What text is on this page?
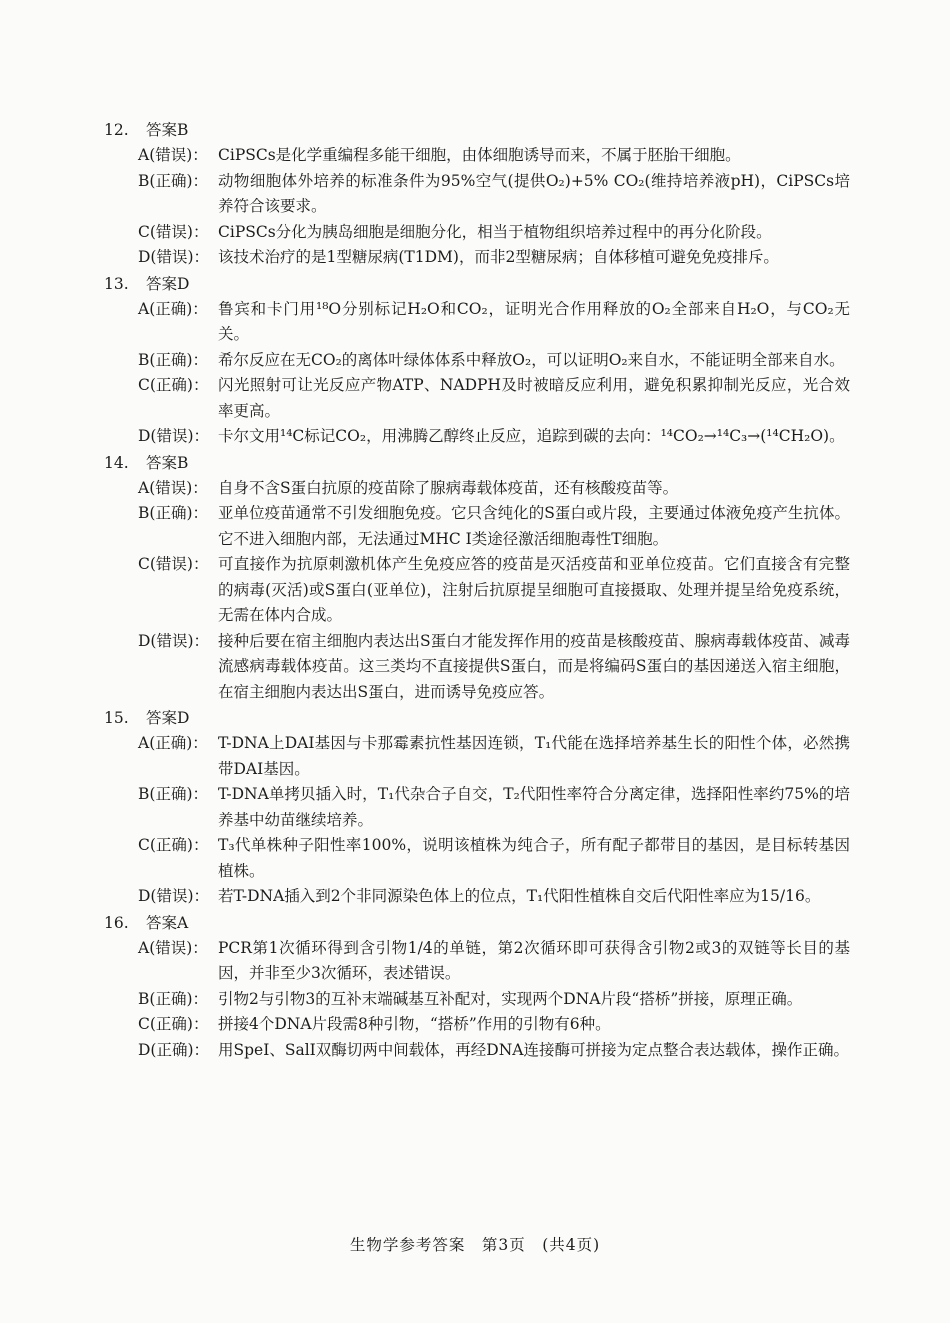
12. 答案B
A(错误)： CiPSCs是化学重编程多能干细胞，由体细胞诱导而来，不属于胚胎干细胞。
B(正确)： 动物细胞体外培养的标准条件为95%空气(提供O₂)+5% CO₂(维持培养液pH)，CiPSCs培养符合该要求。
C(错误)： CiPSCs分化为胰岛细胞是细胞分化，相当于植物组织培养过程中的再分化阶段。
D(错误)： 该技术治疗的是1型糖尿病(T1DM)，而非2型糖尿病；自体移植可避免免疫排斥。
13. 答案D
A(正确)： 鲁宾和卡门用¹⁸O分别标记H₂O和CO₂，证明光合作用释放的O₂全部来自H₂O，与CO₂无关。
B(正确)： 希尔反应在无CO₂的离体叶绿体体系中释放O₂，可以证明O₂来自水，不能证明全部来自水。
C(正确)： 闪光照射可让光反应产物ATP、NADPH及时被暗反应利用，避免积累抑制光反应，光合效率更高。
D(错误)： 卡尔文用¹⁴C标记CO₂，用沸腾乙醇终止反应，追踪到碳的去向：¹⁴CO₂→¹⁴C₃→(¹⁴CH₂O)。
14. 答案B
A(错误)： 自身不含S蛋白抗原的疫苗除了腺病毒载体疫苗，还有核酸疫苗等。
B(正确)： 亚单位疫苗通常不引发细胞免疫。它只含纯化的S蛋白或片段，主要通过体液免疫产生抗体。它不进入细胞内部，无法通过MHC I类途径激活细胞毒性T细胞。
C(错误)： 可直接作为抗原刺激机体产生免疫应答的疫苗是灭活疫苗和亚单位疫苗。它们直接含有完整的病毒(灭活)或S蛋白(亚单位)，注射后抗原提呈细胞可直接摄取、处理并提呈给免疫系统，无需在体内合成。
D(错误)： 接种后要在宿主细胞内表达出S蛋白才能发挥作用的疫苗是核酸疫苗、腺病毒载体疫苗、减毒流感病毒载体疫苗。这三类均不直接提供S蛋白，而是将编码S蛋白的基因递送入宿主细胞，在宿主细胞内表达出S蛋白，进而诱导免疫应答。
15. 答案D
A(正确)： T-DNA上DAI基因与卡那霉素抗性基因连锁，T₁代能在选择培养基生长的阳性个体，必然携带DAI基因。
B(正确)： T-DNA单拷贝插入时，T₁代杂合子自交，T₂代阳性率符合分离定律，选择阳性率约75%的培养基中幼苗继续培养。
C(正确)： T₃代单株种子阳性率100%，说明该植株为纯合子，所有配子都带目的基因，是目标转基因植株。
D(错误)： 若T-DNA插入到2个非同源染色体上的位点，T₁代阳性植株自交后代阳性率应为15/16。
16. 答案A
A(错误)： PCR第1次循环得到含引物1/4的单链，第2次循环即可获得含引物2或3的双链等长目的基因，并非至少3次循环，表述错误。
B(正确)： 引物2与引物3的互补末端碱基互补配对，实现两个DNA片段“搭桥”拼接，原理正确。
C(正确)： 拼接4个DNA片段需8种引物，“搭桥”作用的引物有6种。
D(正确)： 用SpeⅠ、SalⅠ双酶切两中间载体，再经DNA连接酶可拼接为定点整合表达载体，操作正确。
生物学参考答案　第3页　(共4页)
